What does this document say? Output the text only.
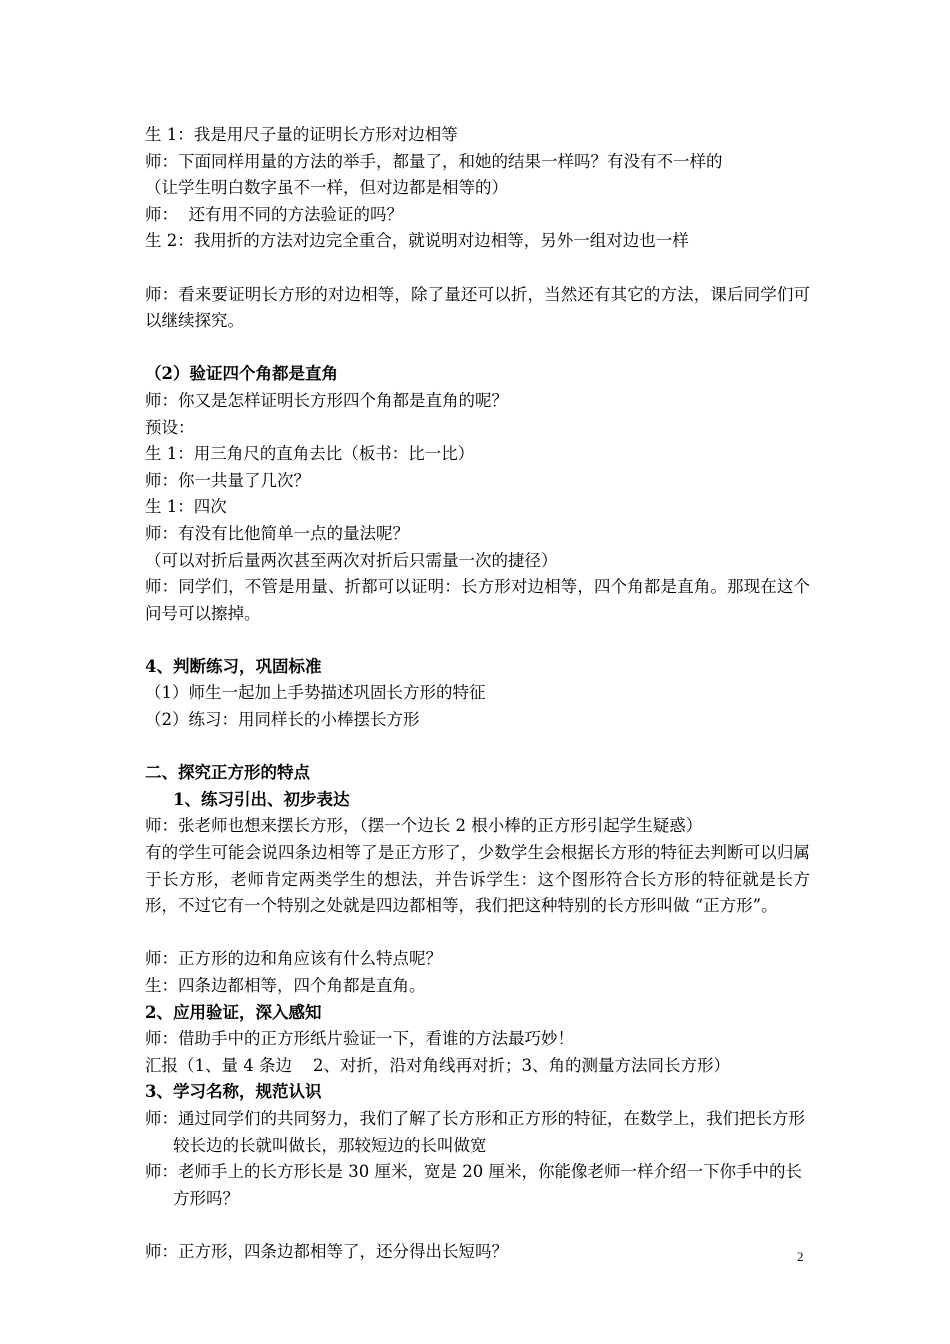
生 1：我是用尺子量的证明长方形对边相等
师：下面同样用量的方法的举手，都量了，和她的结果一样吗？有没有不一样的
（让学生明白数字虽不一样，但对边都是相等的）
师：  还有用不同的方法验证的吗？
生 2：我用折的方法对边完全重合，就说明对边相等，另外一组对边也一样
师：看来要证明长方形的对边相等，除了量还可以折，当然还有其它的方法，课后同学们可以继续探究。
（2）验证四个角都是直角
师：你又是怎样证明长方形四个角都是直角的呢？
预设：
生 1：用三角尺的直角去比（板书：比一比）
师：你一共量了几次？
生 1：四次
师：有没有比他简单一点的量法呢？
（可以对折后量两次甚至两次对折后只需量一次的捷径）
师：同学们，不管是用量、折都可以证明：长方形对边相等，四个角都是直角。那现在这个问号可以擦掉。
4、判断练习，巩固标准
（1）师生一起加上手势描述巩固长方形的特征
（2）练习：用同样长的小棒摆长方形
二、探究正方形的特点
1、练习引出、初步表达
师：张老师也想来摆长方形，（摆一个边长 2 根小棒的正方形引起学生疑惑）
有的学生可能会说四条边相等了是正方形了，少数学生会根据长方形的特征去判断可以归属于长方形，老师肯定两类学生的想法，并告诉学生：这个图形符合长方形的特征就是长方形，不过它有一个特别之处就是四边都相等，我们把这种特别的长方形叫做 “正方形”。
师：正方形的边和角应该有什么特点呢？
生：四条边都相等，四个角都是直角。
2、应用验证，深入感知
师：借助手中的正方形纸片验证一下，看谁的方法最巧妙！
汇报（1、量 4 条边    2、对折，沿对角线再对折；3、角的测量方法同长方形）
3、学习名称，规范认识
师：通过同学们的共同努力，我们了解了长方形和正方形的特征，在数学上，我们把长方形较长边的长就叫做长，那较短边的长叫做宽
师：老师手上的长方形长是 30 厘米，宽是 20 厘米，你能像老师一样介绍一下你手中的长方形吗？
师：正方形，四条边都相等了，还分得出长短吗？	2
